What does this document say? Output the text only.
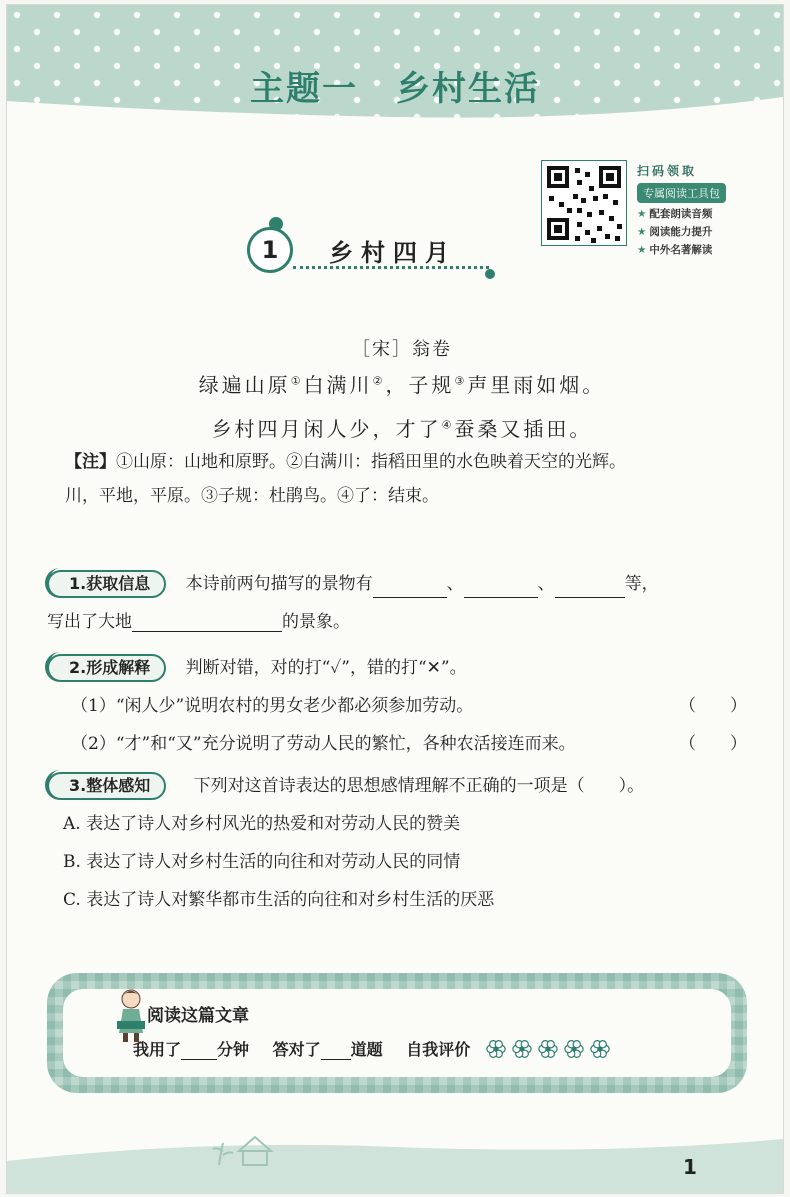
主题一 乡村生活
扫码领取
专属阅读工具包
★ 配套朗读音频
★ 阅读能力提升
★ 中外名著解读
1	乡村四月
［宋］翁卷
绿遍山原①白满川②，子规③声里雨如烟。
乡村四月闲人少，才了④蚕桑又插田。
【注】①山原：山地和原野。②白满川：指稻田里的水色映着天空的光辉。
川，平地，平原。③子规：杜鹃鸟。④了：结束。
1.获取信息 本诗前两句描写的景物有	、	、	等，
写出了大地	的景象。
2.形成解释 判断对错，对的打“✓”，错的打“✕”。
（1）“闲人少”说明农村的男女老少都必须参加劳动。	（　　）
（2）“才”和“又”充分说明了劳动人民的繁忙，各种农活接连而来。	（　　）
3.整体感知	下列对这首诗表达的思想感情理解不正确的一项是（　　）。
A. 表达了诗人对乡村风光的热爱和对劳动人民的赞美
B. 表达了诗人对乡村生活的向往和对劳动人民的同情
C. 表达了诗人对繁华都市生活的向往和对乡村生活的厌恶
阅读这篇文章
我用了 分钟 答对了 道题 自我评价
1
